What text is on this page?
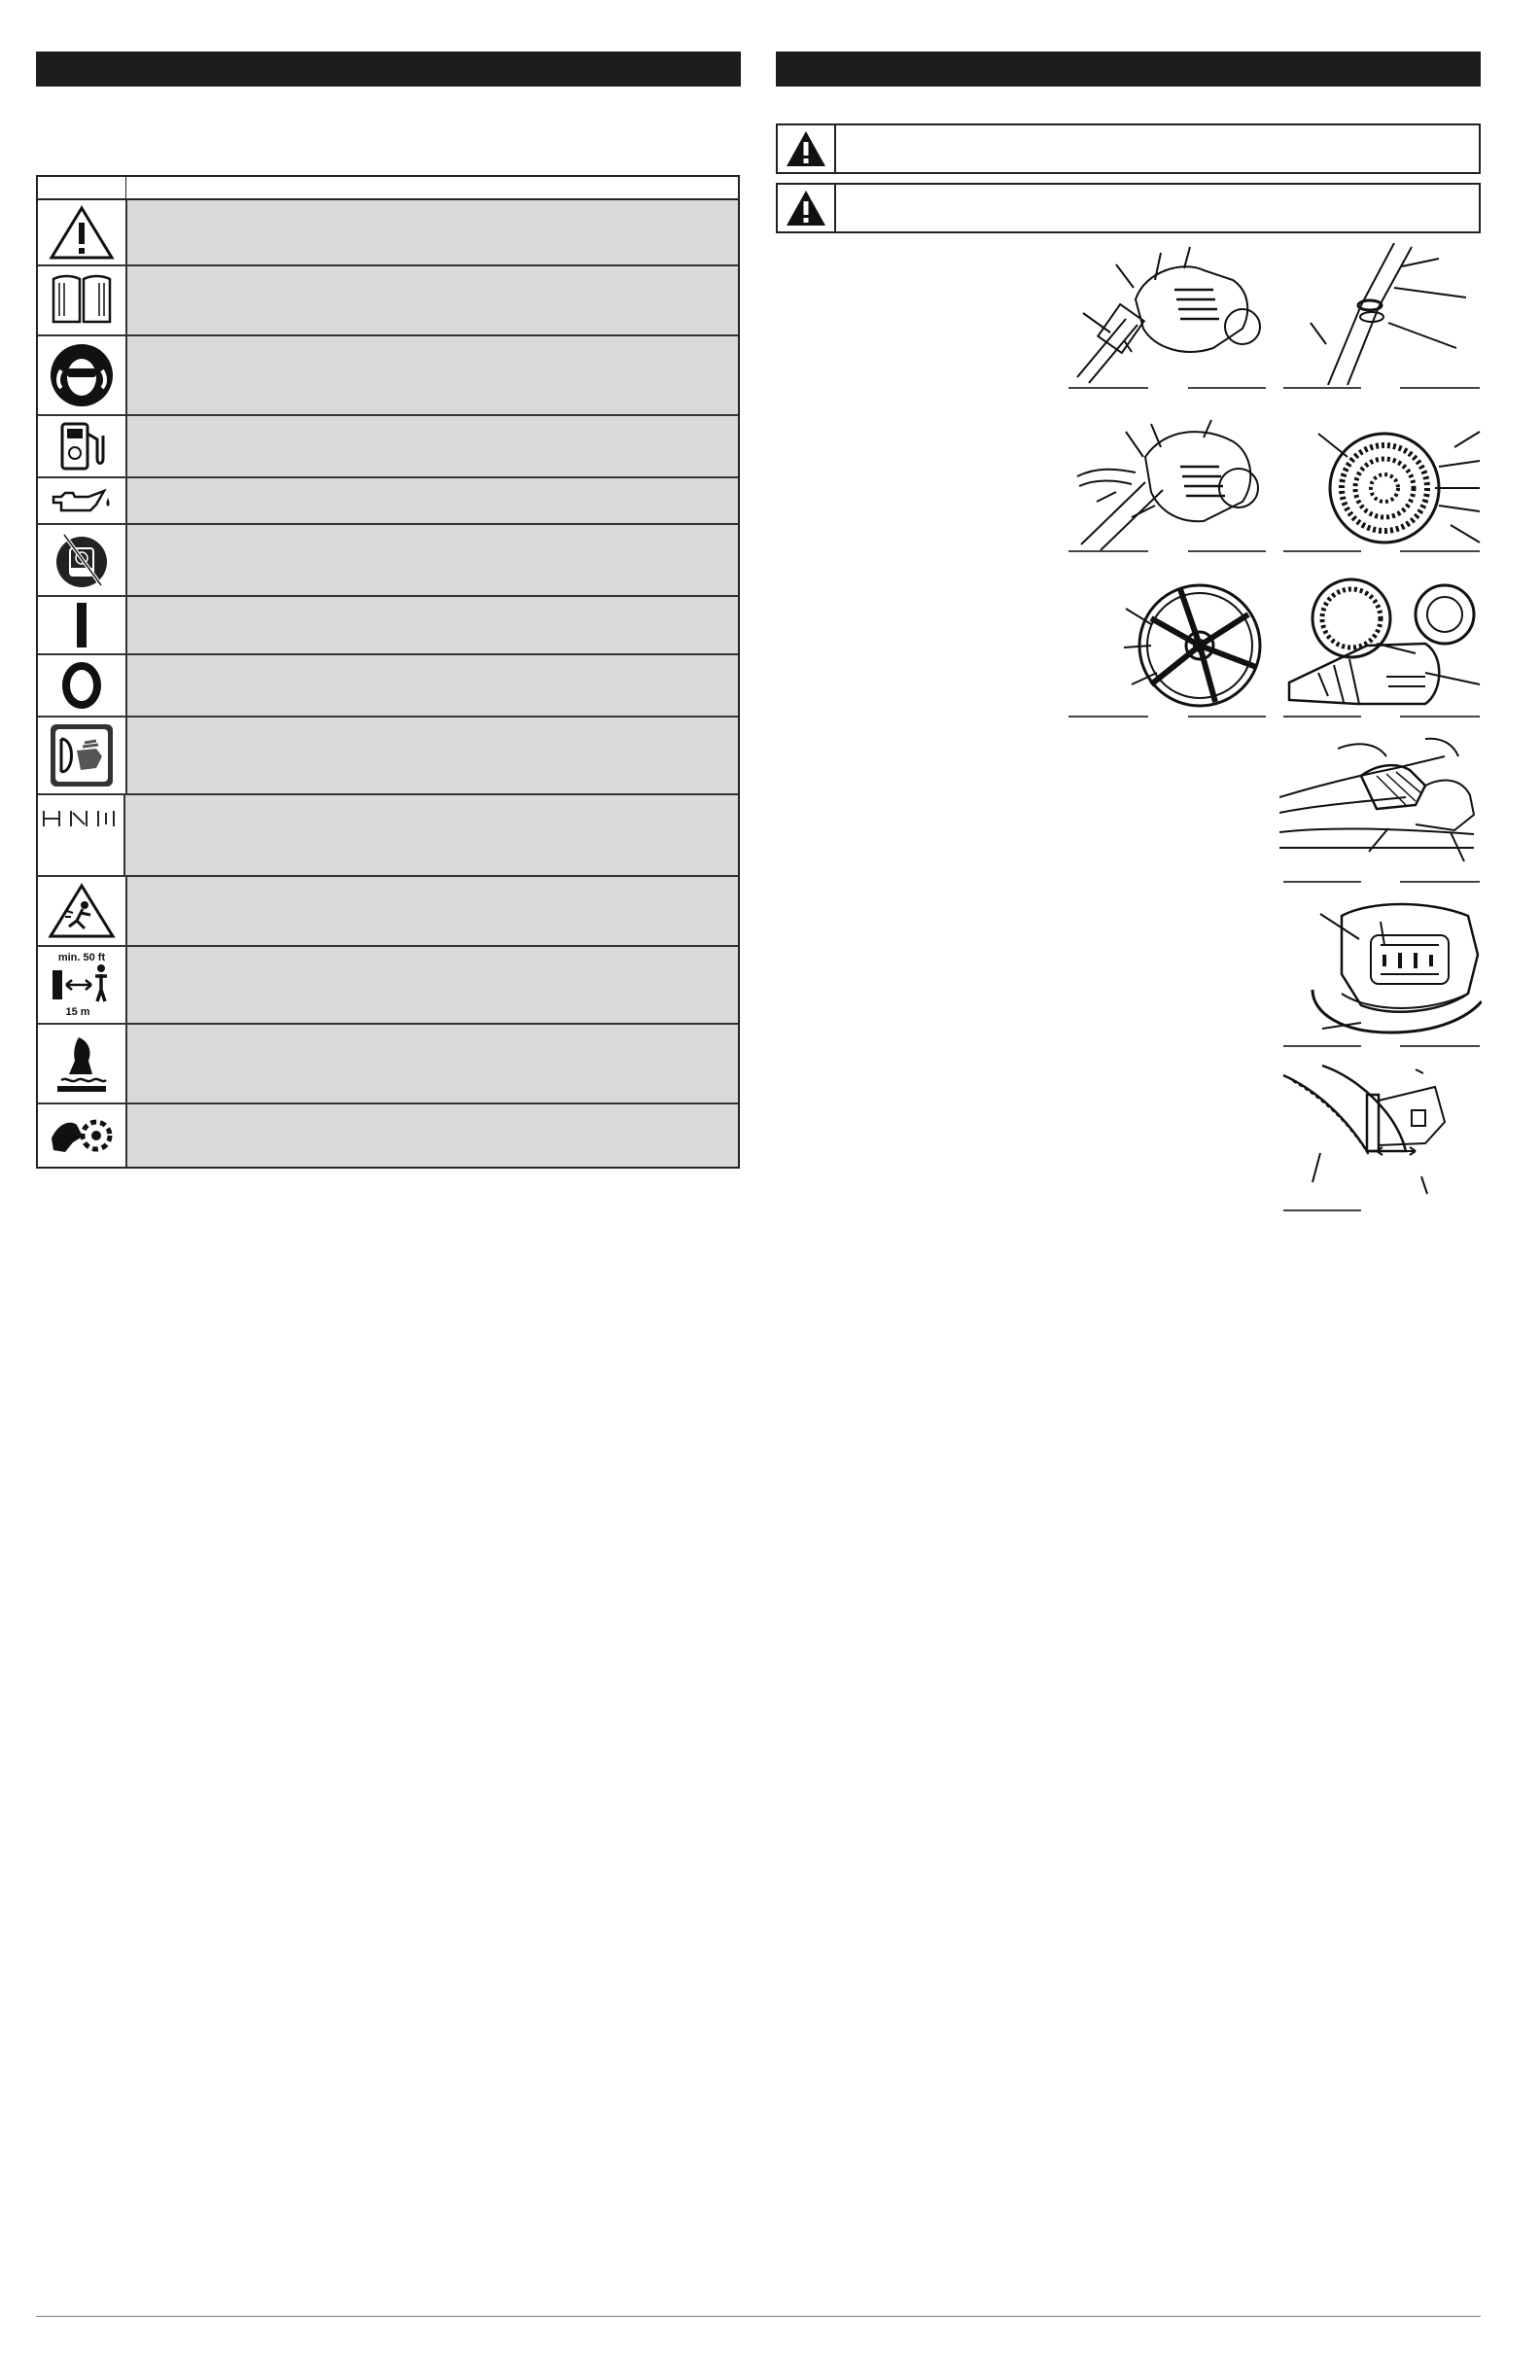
min. 50 ft
15 m
